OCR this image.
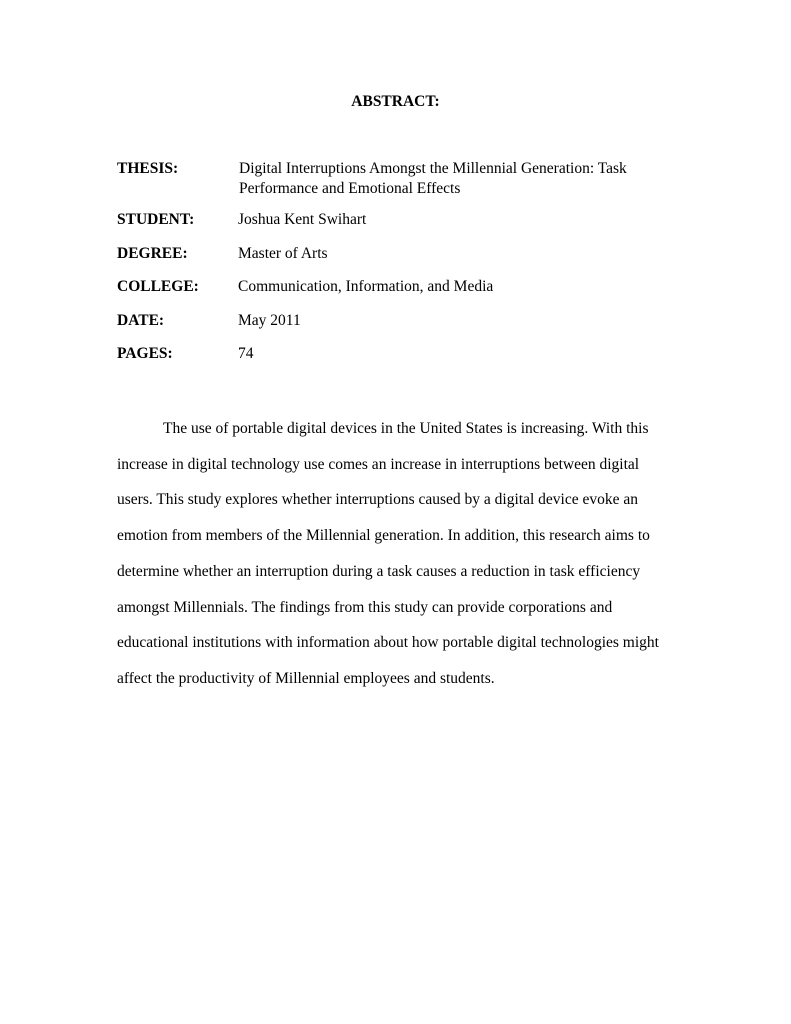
ABSTRACT:
THESIS:	Digital Interruptions Amongst the Millennial Generation: Task Performance and Emotional Effects
STUDENT:	Joshua Kent Swihart
DEGREE:	Master of Arts
COLLEGE:	Communication, Information, and Media
DATE:	May 2011
PAGES:	74

The use of portable digital devices in the United States is increasing. With this increase in digital technology use comes an increase in interruptions between digital users. This study explores whether interruptions caused by a digital device evoke an emotion from members of the Millennial generation. In addition, this research aims to determine whether an interruption during a task causes a reduction in task efficiency amongst Millennials. The findings from this study can provide corporations and educational institutions with information about how portable digital technologies might affect the productivity of Millennial employees and students.
